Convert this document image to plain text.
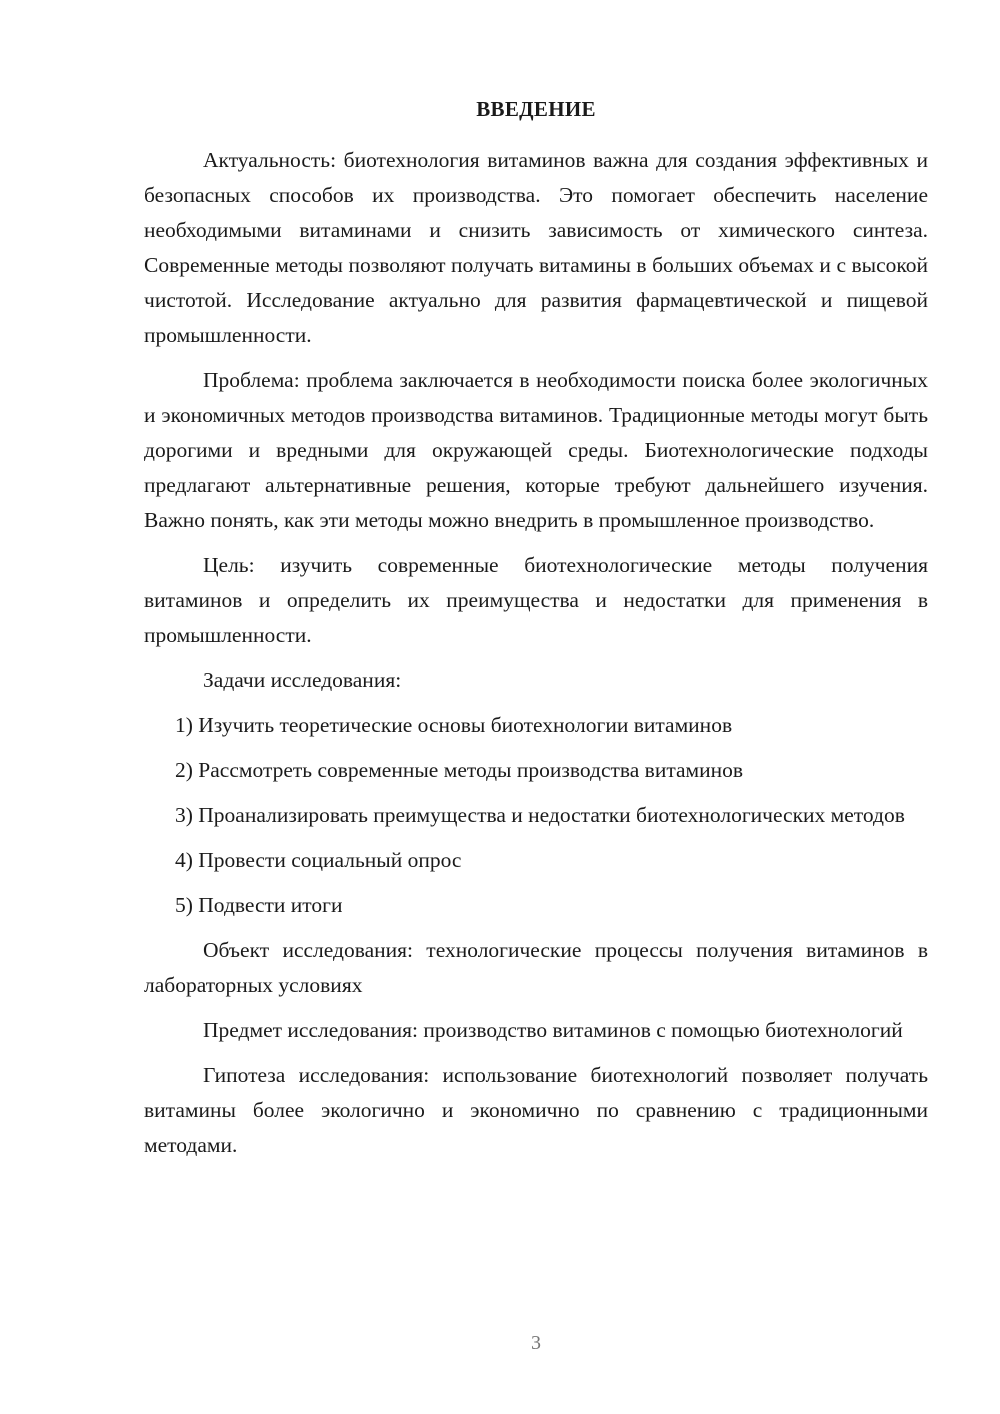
ВВЕДЕНИЕ

Актуальность: биотехнология витаминов важна для создания эффективных и безопасных способов их производства. Это помогает обеспечить население необходимыми витаминами и снизить зависимость от химического синтеза. Современные методы позволяют получать витамины в больших объемах и с высокой чистотой. Исследование актуально для развития фармацевтической и пищевой промышленности.

Проблема: проблема заключается в необходимости поиска более экологичных и экономичных методов производства витаминов. Традиционные методы могут быть дорогими и вредными для окружающей среды. Биотехнологические подходы предлагают альтернативные решения, которые требуют дальнейшего изучения. Важно понять, как эти методы можно внедрить в промышленное производство.

Цель: изучить современные биотехнологические методы получения витаминов и определить их преимущества и недостатки для применения в промышленности.

Задачи исследования:

1) Изучить теоретические основы биотехнологии витаминов

2) Рассмотреть современные методы производства витаминов

3) Проанализировать преимущества и недостатки биотехнологических методов

4) Провести социальный опрос

5) Подвести итоги

Объект исследования: технологические процессы получения витаминов в лабораторных условиях

Предмет исследования: производство витаминов с помощью биотехнологий

Гипотеза исследования: использование биотехнологий позволяет получать витамины более экологично и экономично по сравнению с традиционными методами.

3
